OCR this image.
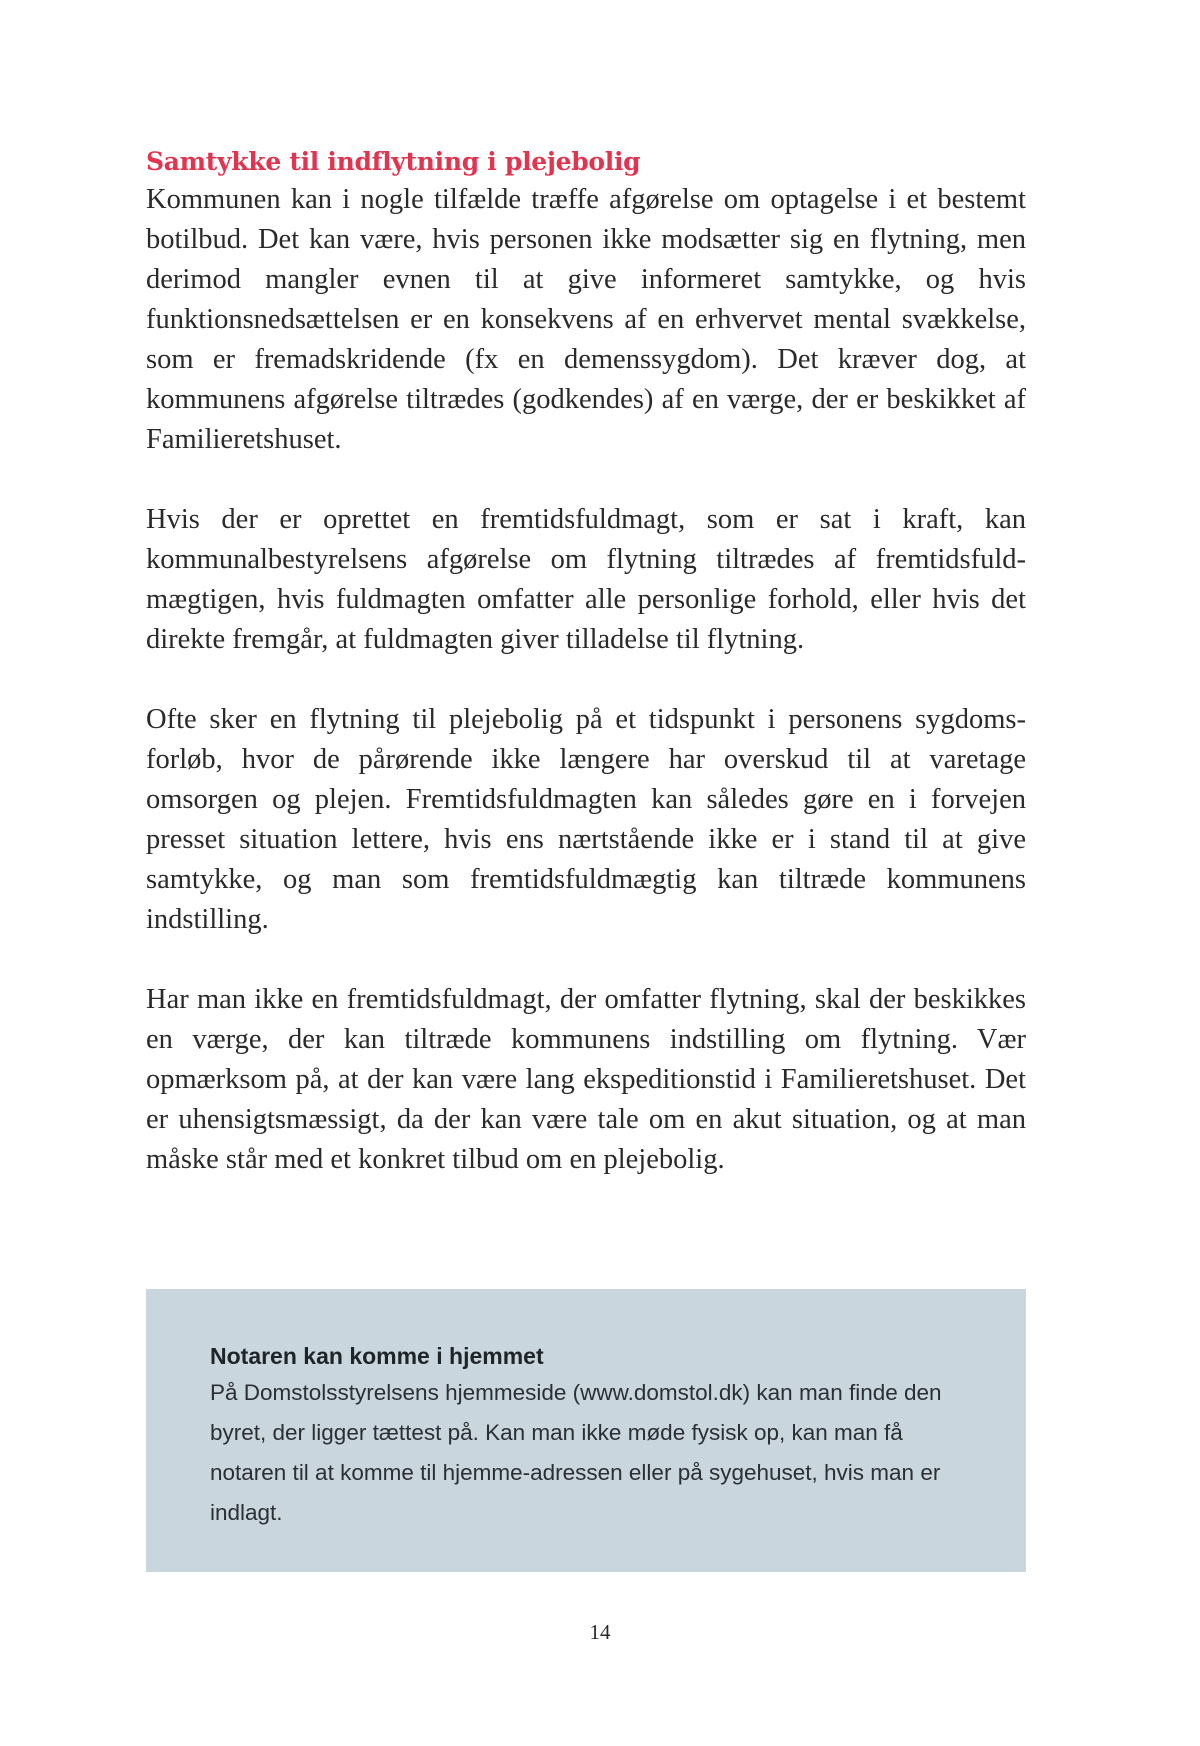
Samtykke til indflytning i plejebolig

Kommunen kan i nogle tilfælde træffe afgørelse om optagelse i et bestemt botilbud. Det kan være, hvis personen ikke modsætter sig en flytning, men derimod mangler evnen til at give informeret samtykke, og hvis funktionsnedsættelsen er en konsekvens af en erhvervet mental svækkelse, som er fremadskridende (fx en demenssygdom). Det kræver dog, at kommunens afgørelse tiltrædes (godkendes) af en værge, der er beskikket af Familieretshuset.

Hvis der er oprettet en fremtidsfuldmagt, som er sat i kraft, kan kommunalbestyrelsens afgørelse om flytning tiltrædes af fremtidsfuldmægtigen, hvis fuldmagten omfatter alle personlige forhold, eller hvis det direkte fremgår, at fuldmagten giver tilladelse til flytning.

Ofte sker en flytning til plejebolig på et tidspunkt i personens sygdomsforløb, hvor de pårørende ikke længere har overskud til at varetage omsorgen og plejen. Fremtidsfuldmagten kan således gøre en i forvejen presset situation lettere, hvis ens nærtstående ikke er i stand til at give samtykke, og man som fremtidsfuldmægtig kan tiltræde kommunens indstilling.

Har man ikke en fremtidsfuldmagt, der omfatter flytning, skal der beskikkes en værge, der kan tiltræde kommunens indstilling om flytning. Vær opmærksom på, at der kan være lang ekspeditionstid i Familieretshuset. Det er uhensigtsmæssigt, da der kan være tale om en akut situation, og at man måske står med et konkret tilbud om en plejebolig.

Notaren kan komme i hjemmet

På Domstolsstyrelsens hjemmeside (www.domstol.dk) kan man finde den byret, der ligger tættest på. Kan man ikke møde fysisk op, kan man få notaren til at komme til hjemme-adressen eller på sygehuset, hvis man er indlagt.

14
